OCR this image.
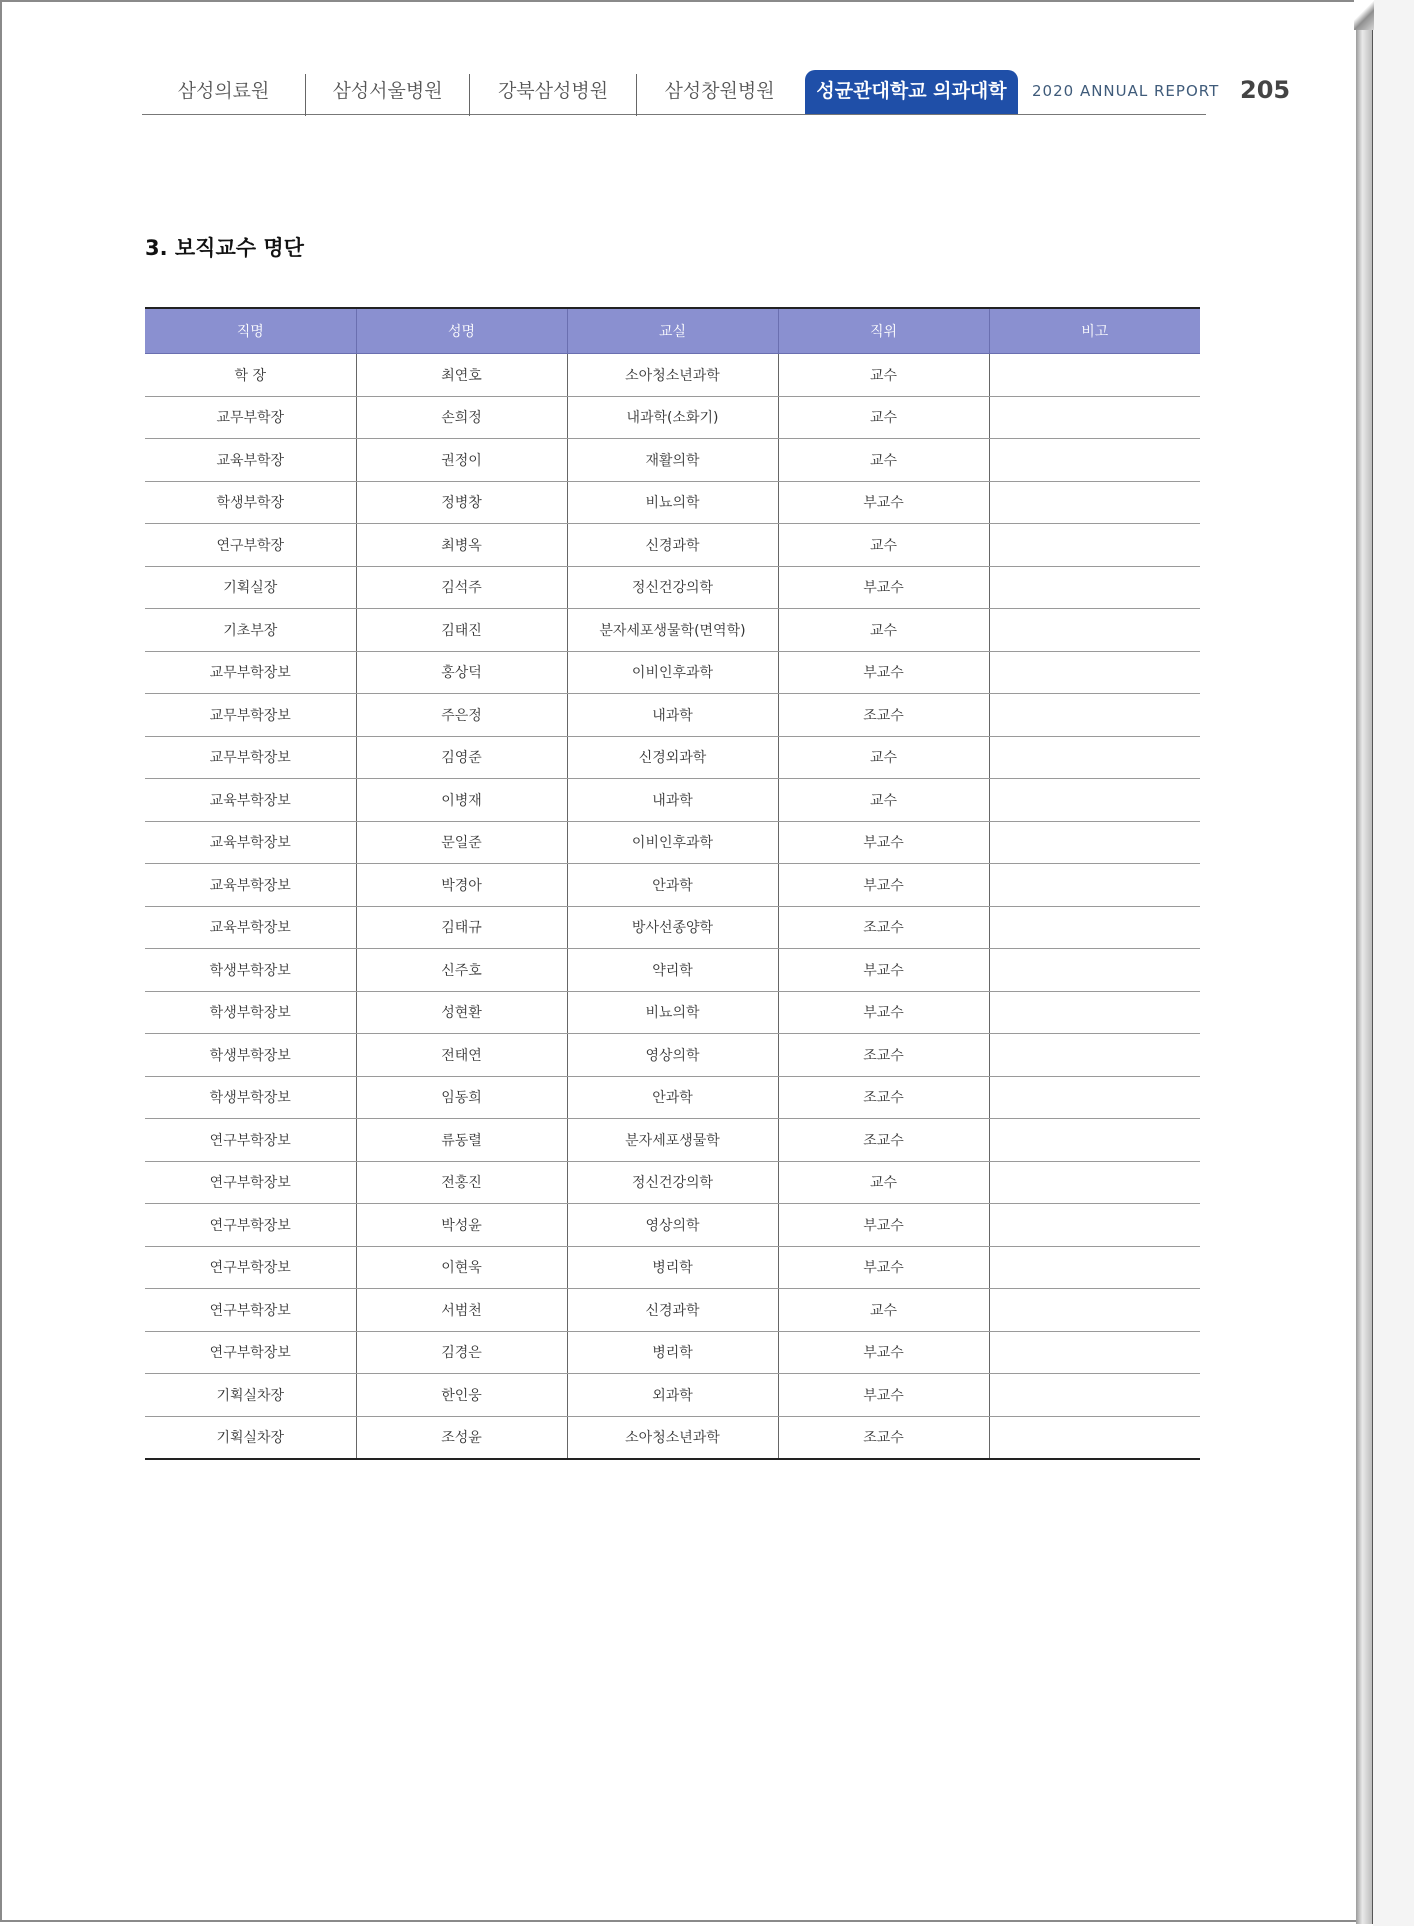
삼성의료원	삼성서울병원	강북삼성병원	삼성창원병원	성균관대학교 의과대학	2020 ANNUAL REPORT 205
3. 보직교수 명단
직명	성명	교실	직위	비고
학 장	최연호	소아청소년과학	교수	
교무부학장	손희정	내과학(소화기)	교수	
교육부학장	권정이	재활의학	교수	
학생부학장	정병창	비뇨의학	부교수	
연구부학장	최병옥	신경과학	교수	
기획실장	김석주	정신건강의학	부교수	
기초부장	김태진	분자세포생물학(면역학)	교수	
교무부학장보	홍상덕	이비인후과학	부교수	
교무부학장보	주은정	내과학	조교수	
교무부학장보	김영준	신경외과학	교수	
교육부학장보	이병재	내과학	교수	
교육부학장보	문일준	이비인후과학	부교수	
교육부학장보	박경아	안과학	부교수	
교육부학장보	김태규	방사선종양학	조교수	
학생부학장보	신주호	약리학	부교수	
학생부학장보	성현환	비뇨의학	부교수	
학생부학장보	전태연	영상의학	조교수	
학생부학장보	임동희	안과학	조교수	
연구부학장보	류동렬	분자세포생물학	조교수	
연구부학장보	전홍진	정신건강의학	교수	
연구부학장보	박성윤	영상의학	부교수	
연구부학장보	이현욱	병리학	부교수	
연구부학장보	서범천	신경과학	교수	
연구부학장보	김경은	병리학	부교수	
기획실차장	한인웅	외과학	부교수	
기획실차장	조성윤	소아청소년과학	조교수	
